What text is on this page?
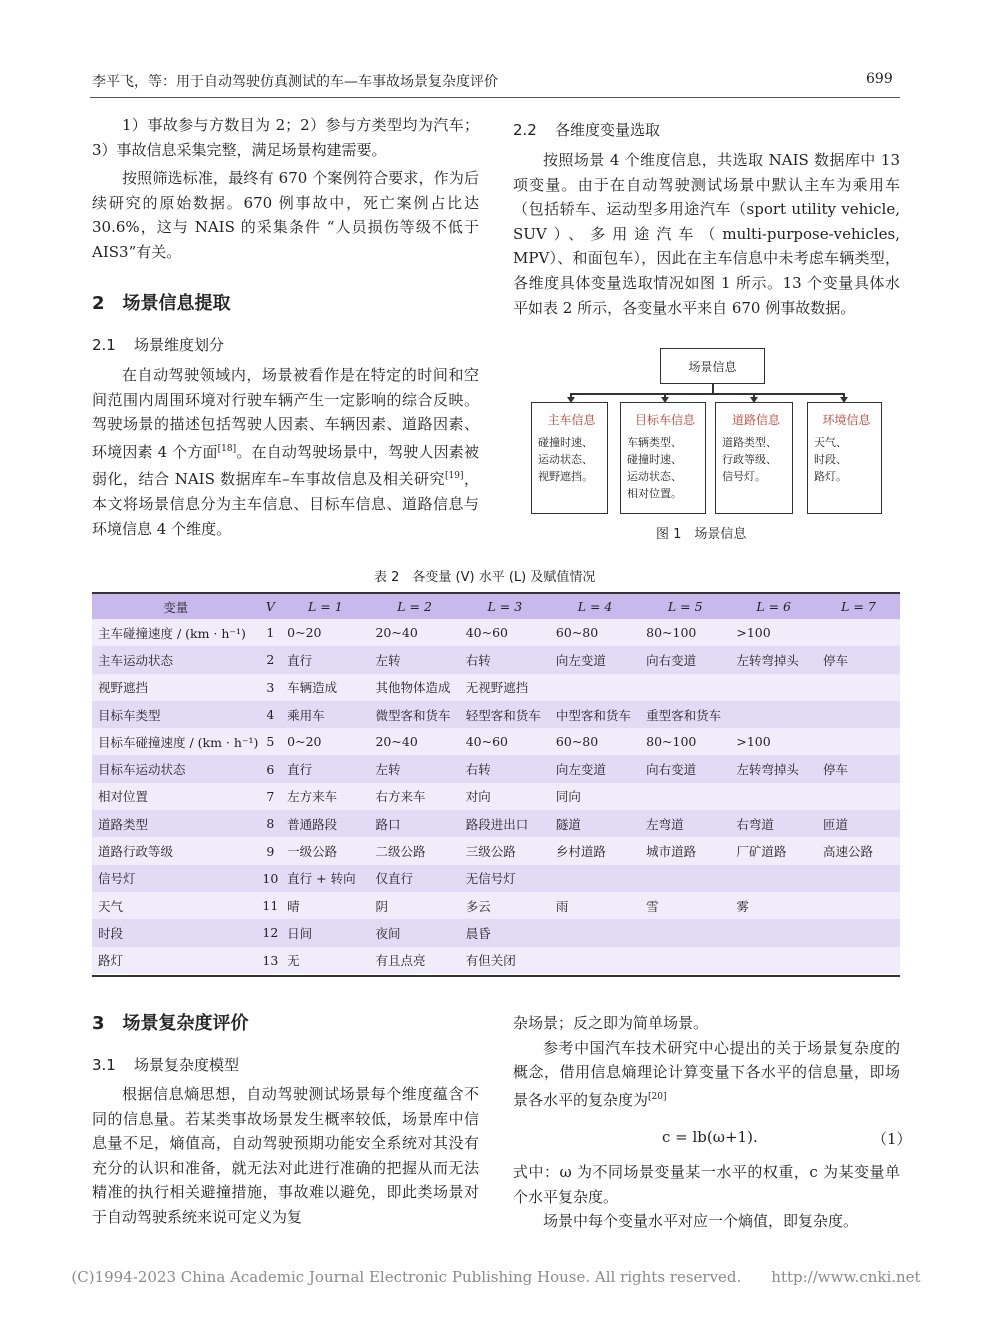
李平飞，等：用于自动驾驶仿真测试的车—车事故场景复杂度评价	699

1）事故参与方数目为 2；2）参与方类型均为汽车；3）事故信息采集完整，满足场景构建需要。

按照筛选标准，最终有 670 个案例符合要求，作为后续研究的原始数据。670 例事故中，死亡案例占比达 30.6%，这与 NAIS 的采集条件 “人员损伤等级不低于 AIS3”有关。

2 场景信息提取
2.1 场景维度划分

在自动驾驶领域内，场景被看作是在特定的时间和空间范围内周围环境对行驶车辆产生一定影响的综合反映。驾驶场景的描述包括驾驶人因素、车辆因素、道路因素、环境因素 4 个方面[18]。在自动驾驶场景中，驾驶人因素被弱化，结合 NAIS 数据库车–车事故信息及相关研究[19]，本文将场景信息分为主车信息、目标车信息、道路信息与环境信息 4 个维度。

2.2 各维度变量选取

按照场景 4 个维度信息，共选取 NAIS 数据库中 13 项变量。由于在自动驾驶测试场景中默认主车为乘用车（包括轿车、运动型多用途汽车（sport utility vehicle, SUV）、多用途汽车（multi-purpose-vehicles, MPV）、和面包车），因此在主车信息中未考虑车辆类型，各维度具体变量选取情况如图 1 所示。13 个变量具体水平如表 2 所示，各变量水平来自 670 例事故数据。

场景信息
主车信息
碰撞时速、
运动状态、
视野遮挡。
目标车信息
车辆类型、
碰撞时速、
运动状态、
相对位置。
道路信息
道路类型、
行政等级、
信号灯。
环境信息
天气、
时段、
路灯。
图 1　场景信息
表 2　各变量 (V) 水平 (L) 及赋值情况
变量	V	L = 1	L = 2	L = 3	L = 4	L = 5	L = 6	L = 7
主车碰撞速度 / (km · h⁻¹)	1	0~20	20~40	40~60	60~80	80~100	>100	
主车运动状态	2	直行	左转	右转	向左变道	向右变道	左转弯掉头	停车
视野遮挡	3	车辆造成	其他物体造成	无视野遮挡				
目标车类型	4	乘用车	微型客和货车	轻型客和货车	中型客和货车	重型客和货车		
目标车碰撞速度 / (km · h⁻¹)	5	0~20	20~40	40~60	60~80	80~100	>100	
目标车运动状态	6	直行	左转	右转	向左变道	向右变道	左转弯掉头	停车
相对位置	7	左方来车	右方来车	对向	同向			
道路类型	8	普通路段	路口	路段进出口	隧道	左弯道	右弯道	匝道
道路行政等级	9	一级公路	二级公路	三级公路	乡村道路	城市道路	厂矿道路	高速公路
信号灯	10	直行 + 转向	仅直行	无信号灯				
天气	11	晴	阴	多云	雨	雪	雾	
时段	12	日间	夜间	晨昏				
路灯	13	无	有且点亮	有但关闭				
3 场景复杂度评价
3.1 场景复杂度模型

根据信息熵思想，自动驾驶测试场景每个维度蕴含不同的信息量。若某类事故场景发生概率较低，场景库中信息量不足，熵值高，自动驾驶预期功能安全系统对其没有充分的认识和准备，就无法对此进行准确的把握从而无法精准的执行相关避撞措施，事故难以避免，即此类场景对于自动驾驶系统来说可定义为复

杂场景；反之即为简单场景。

参考中国汽车技术研究中心提出的关于场景复杂度的概念，借用信息熵理论计算变量下各水平的信息量，即场景各水平的复杂度为[20]

c = lb(ω+1).	（1）

式中：ω 为不同场景变量某一水平的权重，c 为某变量单个水平复杂度。

场景中每个变量水平对应一个熵值，即复杂度。

(C)1994-2023 China Academic Journal Electronic Publishing House. All rights reserved.　　http://www.cnki.net
